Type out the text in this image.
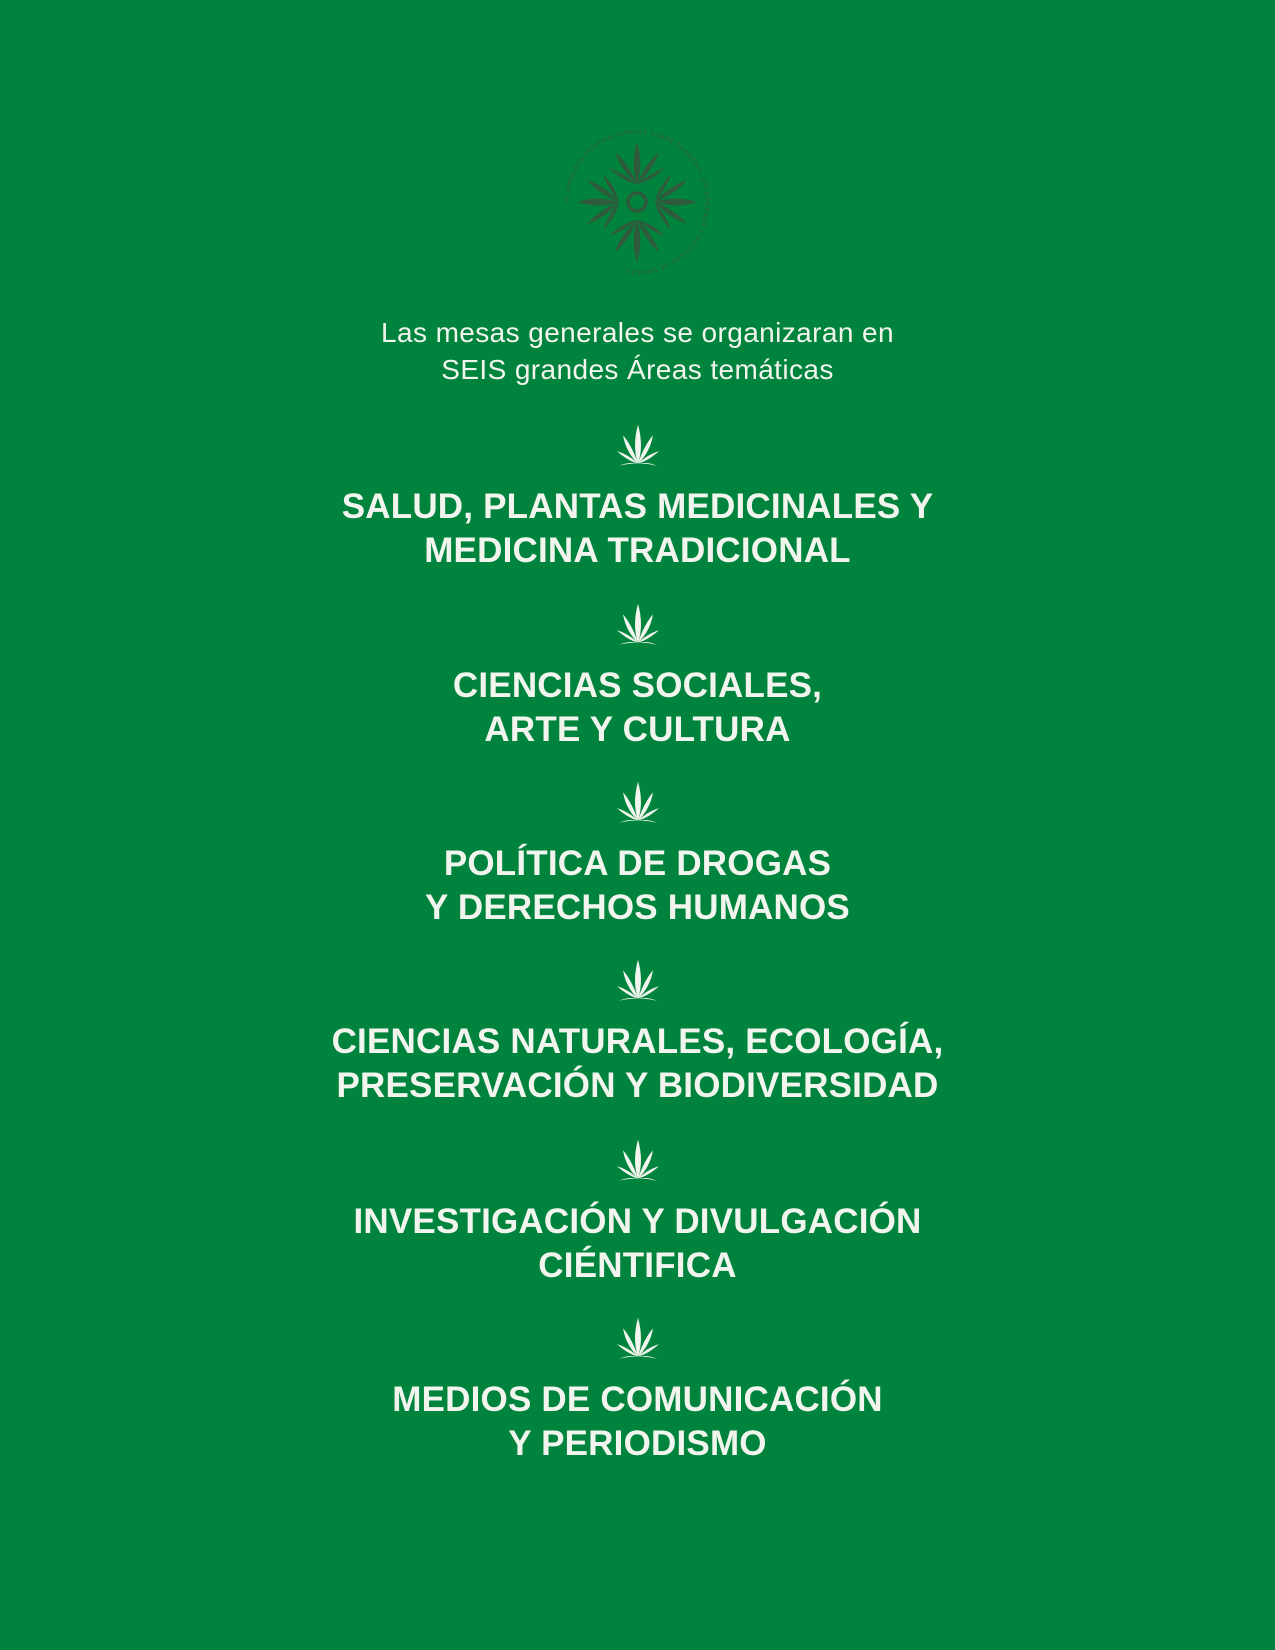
III JORNADAS INTERNACIONALES SOBRE CANNABIS, ENTEÓGENOS Y POLÍTICAS DE DROGAS
Las mesas generales se organizaran en
SEIS grandes Áreas temáticas
SALUD, PLANTAS MEDICINALES Y
MEDICINA TRADICIONAL
CIENCIAS SOCIALES,
ARTE Y CULTURA
POLÍTICA DE DROGAS
Y DERECHOS HUMANOS
CIENCIAS NATURALES, ECOLOGÍA,
PRESERVACIÓN Y BIODIVERSIDAD
INVESTIGACIÓN Y DIVULGACIÓN
CIÉNTIFICA
MEDIOS DE COMUNICACIÓN
Y PERIODISMO
